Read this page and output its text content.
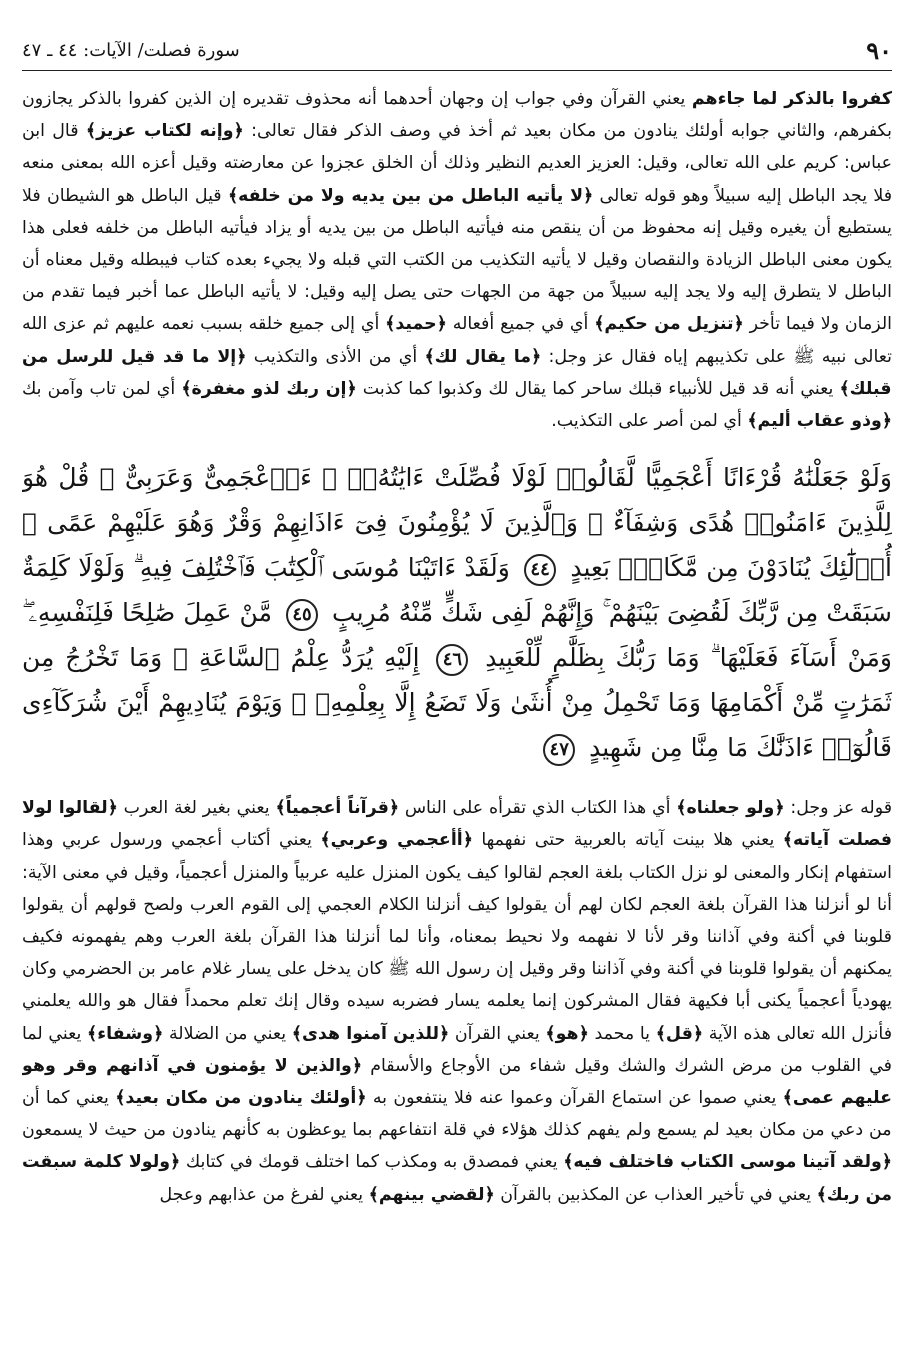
٩٠
سورة فصلت/ الآيات: ٤٤ ـ ٤٧

كفروا بالذكر لما جاءهم يعني القرآن وفي جواب إن وجهان أحدهما أنه محذوف تقديره إن الذين كفروا بالذكر يجازون بكفرهم، والثاني جوابه أولئك ينادون من مكان بعيد ثم أخذ في وصف الذكر فقال تعالى: ﴿وإنه لكتاب عزيز﴾ قال ابن عباس: كريم على الله تعالى، وقيل: العزيز العديم النظير وذلك أن الخلق عجزوا عن معارضته وقيل أعزه الله بمعنى منعه فلا يجد الباطل إليه سبيلاً وهو قوله تعالى ﴿لا يأتيه الباطل من بين يديه ولا من خلفه﴾ قيل الباطل هو الشيطان فلا يستطيع أن يغيره وقيل إنه محفوظ من أن ينقص منه فيأتيه الباطل من بين يديه أو يزاد فيأتيه الباطل من خلفه فعلى هذا يكون معنى الباطل الزيادة والنقصان وقيل لا يأتيه التكذيب من الكتب التي قبله ولا يجيء بعده كتاب فيبطله وقيل معناه أن الباطل لا يتطرق إليه ولا يجد إليه سبيلاً من جهة من الجهات حتى يصل إليه وقيل: لا يأتيه الباطل عما أخبر فيما تقدم من الزمان ولا فيما تأخر ﴿تنزيل من حكيم﴾ أي في جميع أفعاله ﴿حميد﴾ أي إلى جميع خلقه بسبب نعمه عليهم ثم عزى الله تعالى نبيه ﷺ على تكذيبهم إياه فقال عز وجل: ﴿ما يقال لك﴾ أي من الأذى والتكذيب ﴿إلا ما قد قيل للرسل من قبلك﴾ يعني أنه قد قيل للأنبياء قبلك ساحر كما يقال لك وكذبوا كما كذبت ﴿إن ربك لذو مغفرة﴾ أي لمن تاب وآمن بك ﴿وذو عقاب أليم﴾ أي لمن أصر على التكذيب.

وَلَوْ جَعَلْنَٰهُ قُرْءَانًا أَعْجَمِيًّا لَّقَالُوا۟ لَوْلَا فُصِّلَتْ ءَايَٰتُهُۥٓ ۖ ءَا۬عْجَمِىٌّ وَعَرَبِىٌّ ۗ قُلْ هُوَ لِلَّذِينَ ءَامَنُوا۟ هُدًى وَشِفَآءٌ ۖ وَٱلَّذِينَ لَا يُؤْمِنُونَ فِىٓ ءَاذَانِهِمْ وَقْرٌ وَهُوَ عَلَيْهِمْ عَمًى ۚ أُو۟لَٰٓئِكَ يُنَادَوْنَ مِن مَّكَانٍۭ بَعِيدٍ ٤٤ وَلَقَدْ ءَاتَيْنَا مُوسَى ٱلْكِتَٰبَ فَٱخْتُلِفَ فِيهِ ۗ وَلَوْلَا كَلِمَةٌ سَبَقَتْ مِن رَّبِّكَ لَقُضِىَ بَيْنَهُمْ ۚ وَإِنَّهُمْ لَفِى شَكٍّ مِّنْهُ مُرِيبٍ ٤٥ مَّنْ عَمِلَ صَٰلِحًا فَلِنَفْسِهِۦ ۖ وَمَنْ أَسَآءَ فَعَلَيْهَا ۗ وَمَا رَبُّكَ بِظَلَّٰمٍ لِّلْعَبِيدِ ٤٦ إِلَيْهِ يُرَدُّ عِلْمُ ٱلسَّاعَةِ ۚ وَمَا تَخْرُجُ مِن ثَمَرَٰتٍ مِّنْ أَكْمَامِهَا وَمَا تَحْمِلُ مِنْ أُنثَىٰ وَلَا تَضَعُ إِلَّا بِعِلْمِهِۦ ۚ وَيَوْمَ يُنَادِيهِمْ أَيْنَ شُرَكَآءِى قَالُوٓا۟ ءَاذَنَّٰكَ مَا مِنَّا مِن شَهِيدٍ ٤٧

قوله عز وجل: ﴿ولو جعلناه﴾ أي هذا الكتاب الذي تقرأه على الناس ﴿قرآناً أعجمياً﴾ يعني بغير لغة العرب ﴿لقالوا لولا فصلت آياته﴾ يعني هلا بينت آياته بالعربية حتى نفهمها ﴿أأعجمي وعربي﴾ يعني أكتاب أعجمي ورسول عربي وهذا استفهام إنكار والمعنى لو نزل الكتاب بلغة العجم لقالوا كيف يكون المنزل عليه عربياً والمنزل أعجمياً، وقيل في معنى الآية: أنا لو أنزلنا هذا القرآن بلغة العجم لكان لهم أن يقولوا كيف أنزلنا الكلام العجمي إلى القوم العرب ولصح قولهم أن يقولوا قلوبنا في أكنة وفي آذاننا وقر لأنا لا نفهمه ولا نحيط بمعناه، وأنا لما أنزلنا هذا القرآن بلغة العرب وهم يفهمونه فكيف يمكنهم أن يقولوا قلوبنا في أكنة وفي آذاننا وقر وقيل إن رسول الله ﷺ كان يدخل على يسار غلام عامر بن الحضرمي وكان يهودياً أعجمياً يكنى أبا فكيهة فقال المشركون إنما يعلمه يسار فضربه سيده وقال إنك تعلم محمداً فقال هو والله يعلمني فأنزل الله تعالى هذه الآية ﴿قل﴾ يا محمد ﴿هو﴾ يعني القرآن ﴿للذين آمنوا هدى﴾ يعني من الضلالة ﴿وشفاء﴾ يعني لما في القلوب من مرض الشرك والشك وقيل شفاء من الأوجاع والأسقام ﴿والذين لا يؤمنون في آذانهم وقر وهو عليهم عمى﴾ يعني صموا عن استماع القرآن وعموا عنه فلا ينتفعون به ﴿أولئك ينادون من مكان بعيد﴾ يعني كما أن من دعي من مكان بعيد لم يسمع ولم يفهم كذلك هؤلاء في قلة انتفاعهم بما يوعظون به كأنهم ينادون من حيث لا يسمعون ﴿ولقد آتينا موسى الكتاب فاختلف فيه﴾ يعني فمصدق به ومكذب كما اختلف قومك في كتابك ﴿ولولا كلمة سبقت من ربك﴾ يعني في تأخير العذاب عن المكذبين بالقرآن ﴿لقضي بينهم﴾ يعني لفرغ من عذابهم وعجل
